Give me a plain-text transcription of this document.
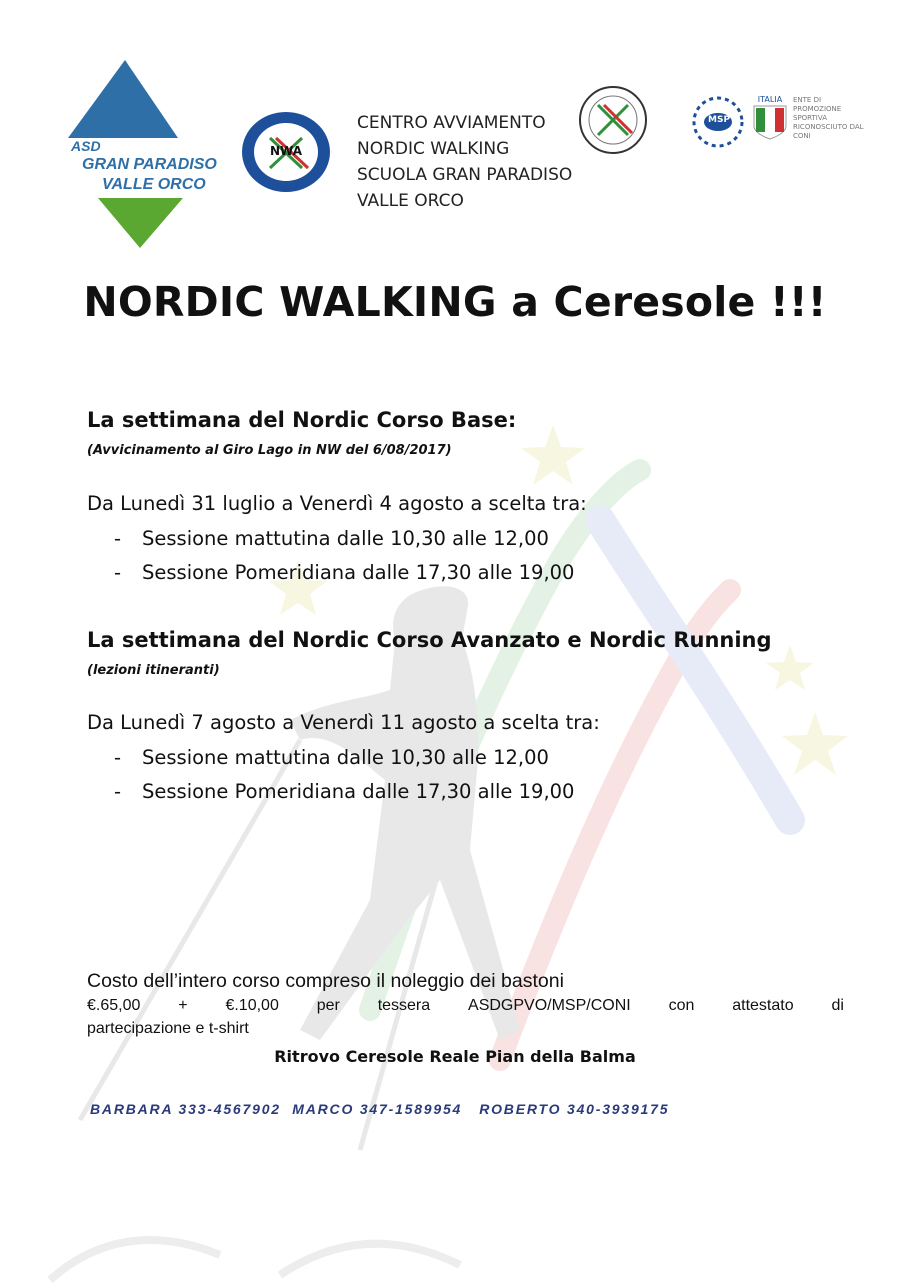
ASD
GRAN PARADISO
VALLE ORCO
NWA
CENTRO AVVIAMENTO
NORDIC WALKING
SCUOLA GRAN PARADISO
VALLE ORCO
MSP
ITALIA	ENTE DI PROMOZIONE SPORTIVA RICONOSCIUTO DAL CONI
NORDIC WALKING a Ceresole !!!
La settimana del Nordic Corso Base:
(Avvicinamento al Giro Lago in NW del 6/08/2017)
Da Lunedì 31 luglio a Venerdì 4 agosto a scelta tra:
- Sessione mattutina dalle 10,30 alle 12,00
- Sessione Pomeridiana dalle 17,30 alle 19,00
La settimana del Nordic Corso Avanzato e Nordic Running
(lezioni itineranti)
Da Lunedì 7 agosto a Venerdì 11 agosto a scelta tra:
- Sessione mattutina dalle 10,30 alle 12,00
- Sessione Pomeridiana dalle 17,30 alle 19,00
Costo dell’intero corso compreso il noleggio dei bastoni
€.65,00 + €.10,00 per tessera ASDGPVO/MSP/CONI con attestato di
partecipazione e t-shirt
Ritrovo Ceresole Reale Pian della Balma
BARBARA 333-4567902  MARCO 347-1589954   ROBERTO 340-3939175
